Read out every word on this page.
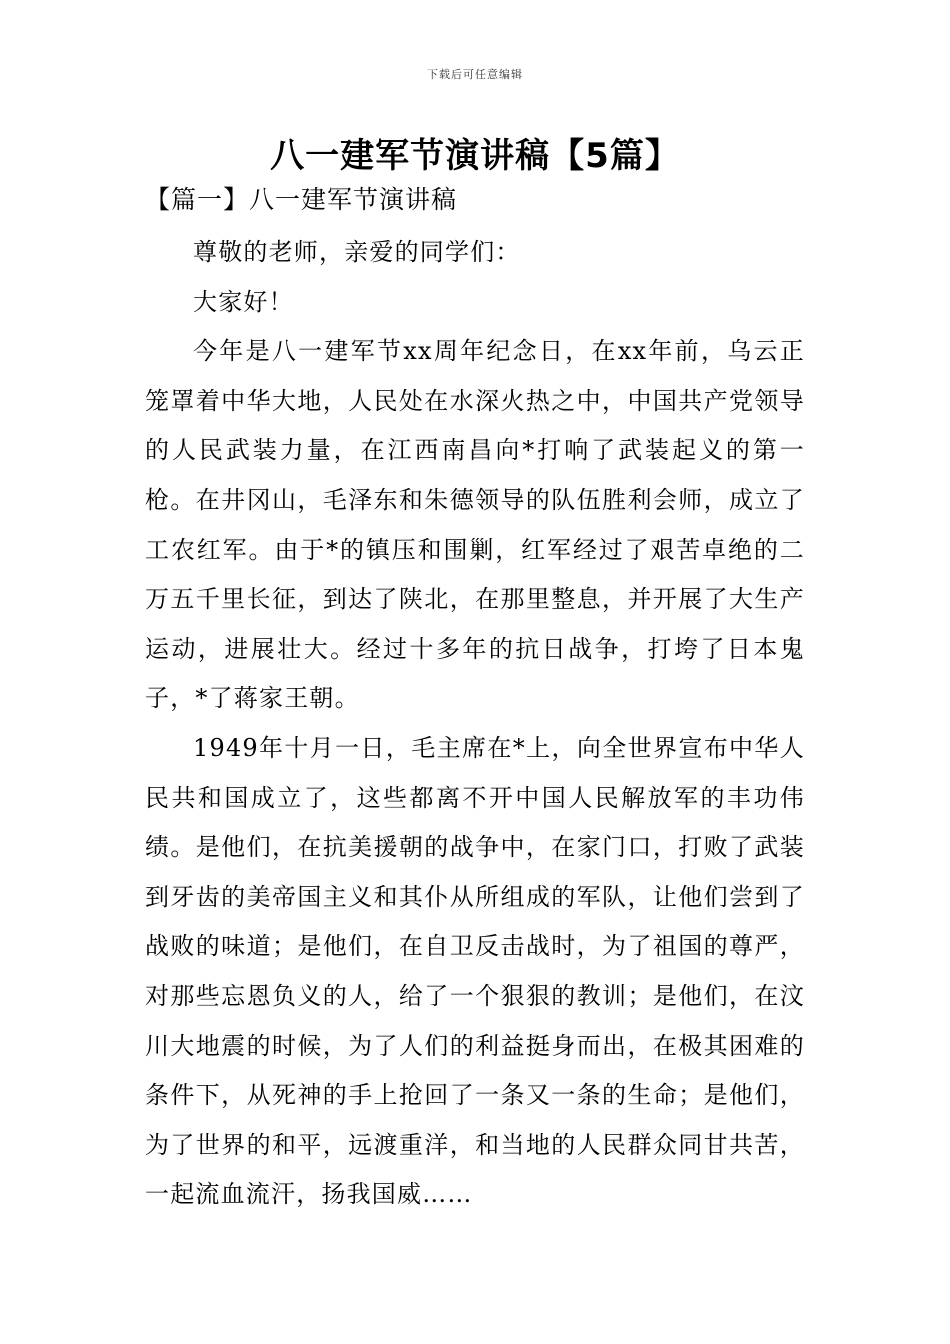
下载后可任意编辑
八一建军节演讲稿【5篇】
【篇一】八一建军节演讲稿

尊敬的老师，亲爱的同学们：

大家好！

今年是八一建军节xx周年纪念日，在xx年前，乌云正笼罩着中华大地，人民处在水深火热之中，中国共产党领导的人民武装力量，在江西南昌向*打响了武装起义的第一枪。在井冈山，毛泽东和朱德领导的队伍胜利会师，成立了工农红军。由于*的镇压和围剿，红军经过了艰苦卓绝的二万五千里长征，到达了陕北，在那里整息，并开展了大生产运动，进展壮大。经过十多年的抗日战争，打垮了日本鬼子，*了蒋家王朝。

1949年十月一日，毛主席在*上，向全世界宣布中华人民共和国成立了，这些都离不开中国人民解放军的丰功伟绩。是他们，在抗美援朝的战争中，在家门口，打败了武装到牙齿的美帝国主义和其仆从所组成的军队，让他们尝到了战败的味道；是他们，在自卫反击战时，为了祖国的尊严，对那些忘恩负义的人，给了一个狠狠的教训；是他们，在汶川大地震的时候，为了人们的利益挺身而出，在极其困难的条件下，从死神的手上抢回了一条又一条的生命；是他们，为了世界的和平，远渡重洋，和当地的人民群众同甘共苦，一起流血流汗，扬我国威……
